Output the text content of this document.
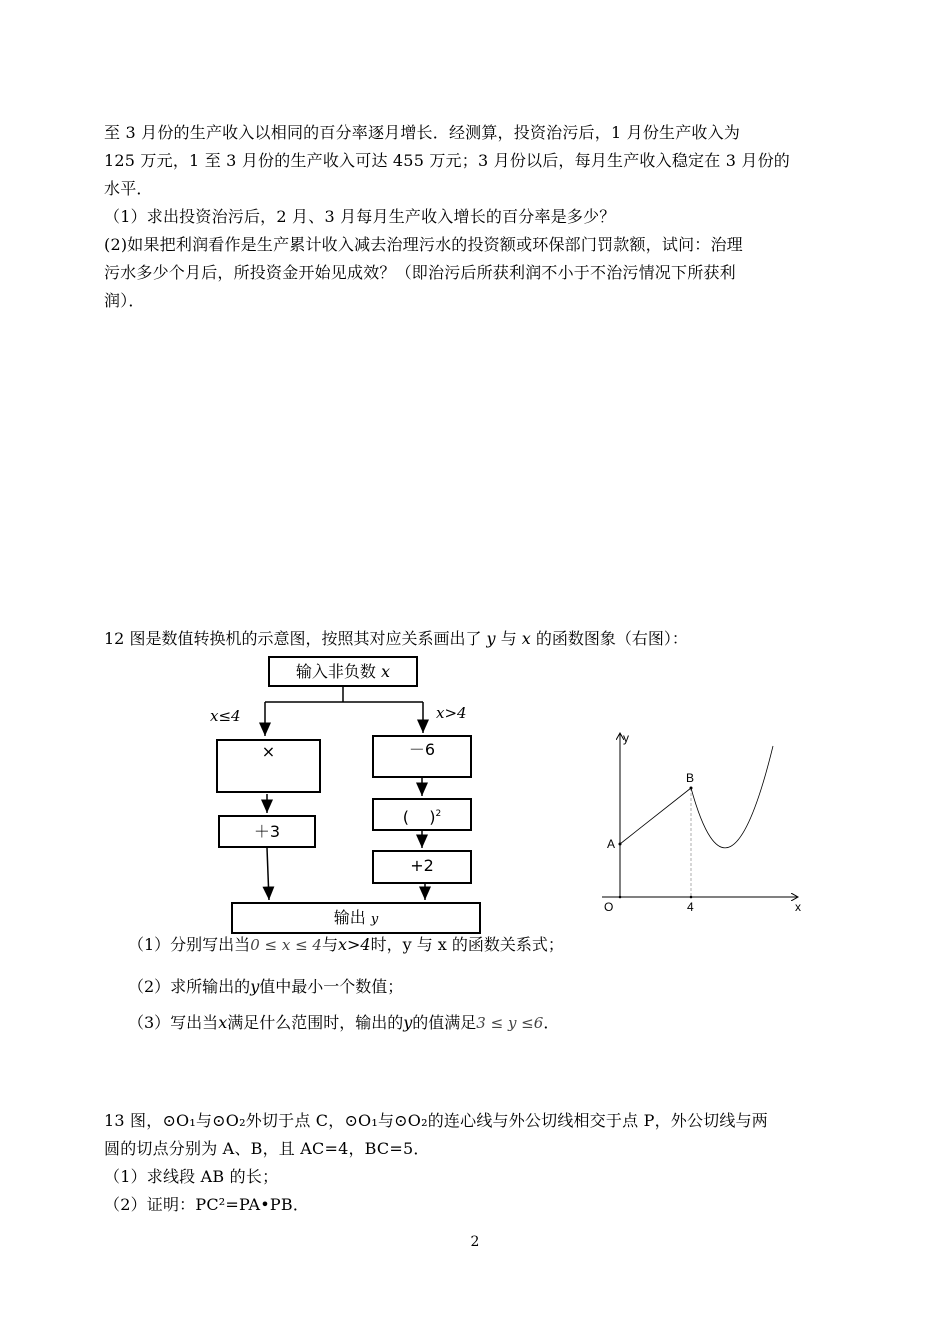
至 3 月份的生产收入以相同的百分率逐月增长．经测算，投资治污后，1 月份生产收入为
125 万元，1 至 3 月份的生产收入可达 455 万元；3 月份以后，每月生产收入稳定在 3 月份的
水平．
（1）求出投资治污后，2 月、3 月每月生产收入增长的百分率是多少？
(2)如果把利润看作是生产累计收入减去治理污水的投资额或环保部门罚款额，试问：治理
污水多少个月后，所投资金开始见成效？（即治污后所获利润不小于不治污情况下所获利
润）．
12 图是数值转换机的示意图，按照其对应关系画出了 y 与 x 的函数图象（右图）：
输入非负数 x
x≤4	x>4
×
＋3
－6
(    )$^2$
+2
输出 y
y
x
O
A
B
4
（1）分别写出当0 ≤ x ≤ 4与x>4时，y 与 x 的函数关系式；
（2）求所输出的y值中最小一个数值；
（3）写出当x满足什么范围时，输出的y的值满足3 ≤ y ≤6．
13 图，⊙O₁与⊙O₂外切于点 C，⊙O₁与⊙O₂的连心线与外公切线相交于点 P，外公切线与两
圆的切点分别为 A、B，且 AC=4，BC=5．
（1）求线段 AB 的长；
（2）证明：PC²=PA•PB．
2
